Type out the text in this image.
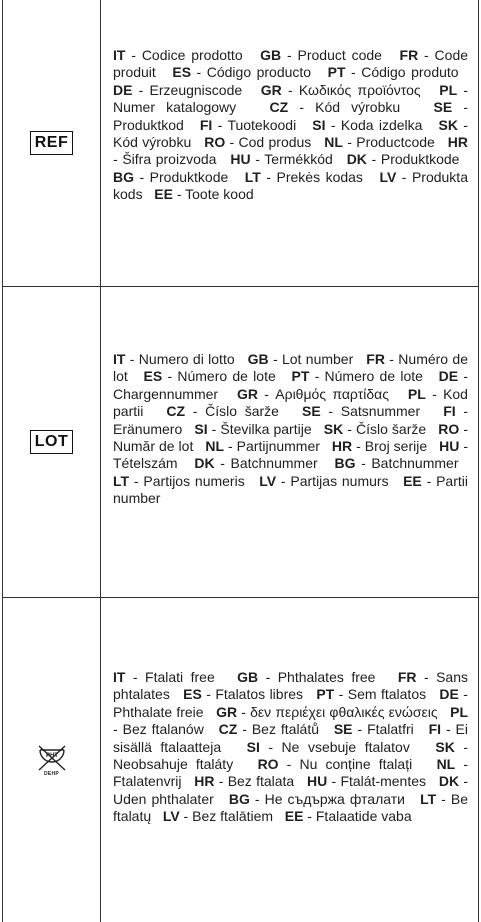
REF
IT - Codice prodotto GB - Product code FR - Code produit ES - Código producto PT - Código produto   DE - Erzeugniscode GR - Κωδικός προϊόντος PL - Numer katalogowy CZ - Kód výrobku SE - Produktkod FI - Tuotekoodi SI - Koda izdelka SK - Kód výrobku RO - Cod produs NL - Productcode HR - Šifra proizvoda HU - Termékkód DK - Produktkode   BG - Produktkode LT - Prekės kodas LV - Produkta kods EE - Toote kood
LOT
IT - Numero di lotto GB - Lot number FR - Numéro de lot ES - Número de lote PT - Número de lote DE - Chargennummer GR - Αριθμός παρτίδας PL - Kod partii CZ - Číslo šarže SE - Satsnummer FI - Eränumero SI - Številka partije SK - Číslo šarže RO - Număr de lot NL - Partijnummer HR - Broj serije HU - Tételszám DK - Batchnummer BG - Batchnummer   LT - Partijos numeris LV - Partijas numurs EE - Partii number
PHT
DEHP
IT - Ftalati free GB - Phthalates free FR - Sans phtalates ES - Ftalatos libres PT - Sem ftalatos DE - Phthalate freie GR - δεν περιέχει φθαλικές ενώσεις PL - Bez ftalanów CZ - Bez ftalátů SE - Ftalatfri FI - Ei sisällä ftalaatteja SI - Ne vsebuje ftalatov SK - Neobsahuje ftaláty RO - Nu conține ftalați NL - Ftalatenvrij HR - Bez ftalata HU - Ftalát-mentes DK - Uden phthalater BG - Не съдържа фталати LT - Be ftalatų LV - Bez ftalātiem EE - Ftalaatide vaba
